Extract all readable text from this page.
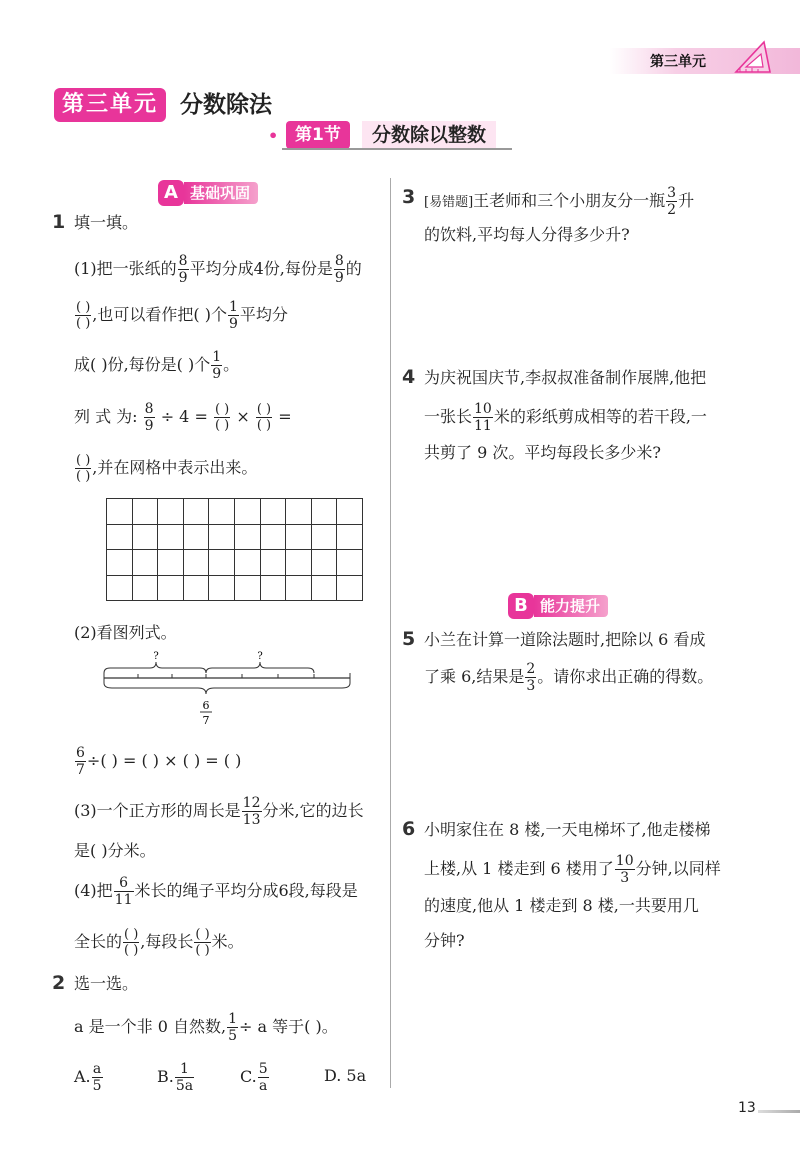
第三单元
第三单元 分数除法
• 第1节	分数除以整数
A 基础巩固
1 填一填。
(1)把一张纸的 $\frac{8}{9}$ 平均分成4份,每份是 $\frac{8}{9}$ 的
$\frac{( )}{( )}$ ,也可以看作把( )个 $\frac{1}{9}$ 平均分
成( )份,每份是( )个 $\frac{1}{9}$ 。
列 式 为: $\frac{8}{9} \div 4 = \frac{( )}{( )} \times \frac{( )}{( )}$ =
$\frac{( )}{( )}$ ,并在网格中表示出来。

(2)看图列式。
?	?
6
7
$\frac{6}{7}$ ÷( ) = ( ) × ( ) = ( )
(3)一个正方形的周长是 $\frac{12}{13}$ 分米,它的边长
是( )分米。
(4)把 $\frac{6}{11}$ 米长的绳子平均分成6段,每段是
全长的 $\frac{( )}{( )}$ ,每段长 $\frac{( )}{( )}$ 米。
2 选一选。
a 是一个非 0 自然数, $\frac{1}{5} \div a$ 等于( )。
A. $\frac{a}{5}$	B. $\frac{1}{5a}$	C. $\frac{5}{a}$	D. 5a
3 [易错题]王老师和三个小朋友分一瓶 $\frac{3}{2}$ 升
的饮料,平均每人分得多少升?
4 为庆祝国庆节,李叔叔准备制作展牌,他把
一张长 $\frac{10}{11}$ 米的彩纸剪成相等的若干段,一
共剪了 9 次。平均每段长多少米?
B 能力提升
5 小兰在计算一道除法题时,把除以 6 看成
了乘 6,结果是 $\frac{2}{3}$ 。请你求出正确的得数。
6 小明家住在 8 楼,一天电梯坏了,他走楼梯
上楼,从 1 楼走到 6 楼用了 $\frac{10}{3}$ 分钟,以同样
的速度,他从 1 楼走到 8 楼,一共要用几
分钟?
13
